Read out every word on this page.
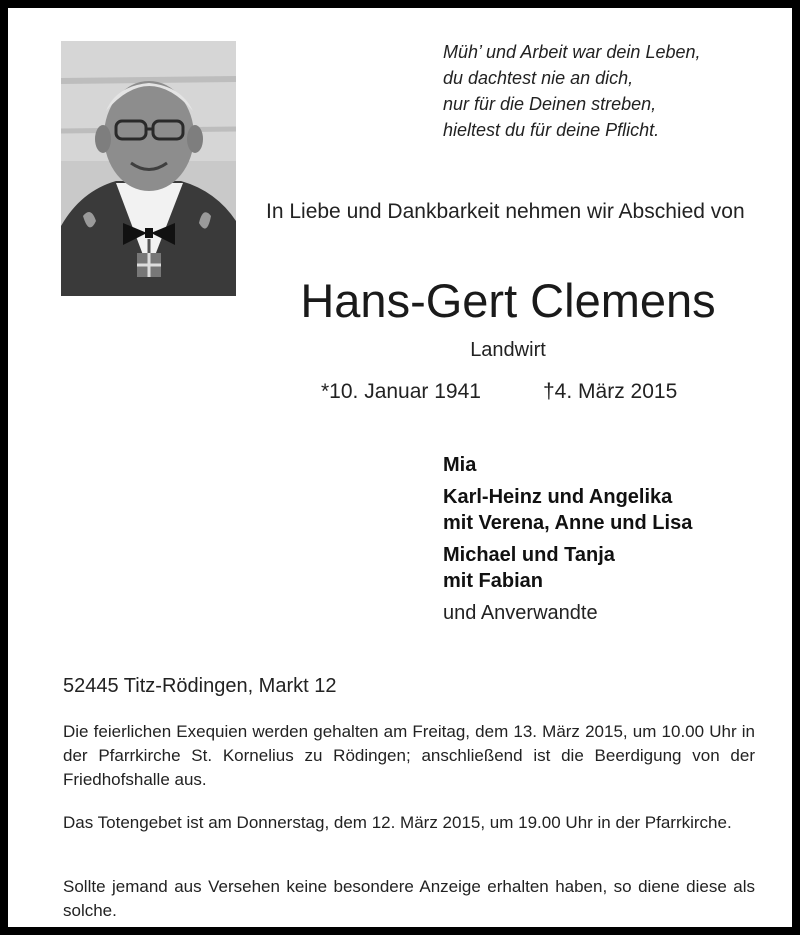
Müh’ und Arbeit war dein Leben,
du dachtest nie an dich,
nur für die Deinen streben,
hieltest du für deine Pflicht.
In Liebe und Dankbarkeit nehmen wir Abschied von
Hans-Gert Clemens
Landwirt
*10. Januar 1941	†4. März 2015
Mia
Karl-Heinz und Angelika
mit Verena, Anne und Lisa
Michael und Tanja
mit Fabian
und Anverwandte
52445 Titz-Rödingen, Markt 12
Die feierlichen Exequien werden gehalten am Freitag, dem 13. März 2015, um 10.00 Uhr in der Pfarrkirche St. Kornelius zu Rödingen; anschließend ist die Beerdigung von der Friedhofshalle aus.
Das Totengebet ist am Donnerstag, dem 12. März 2015, um 19.00 Uhr in der Pfarrkirche.
Sollte jemand aus Versehen keine besondere Anzeige erhalten haben, so diene diese als solche.
